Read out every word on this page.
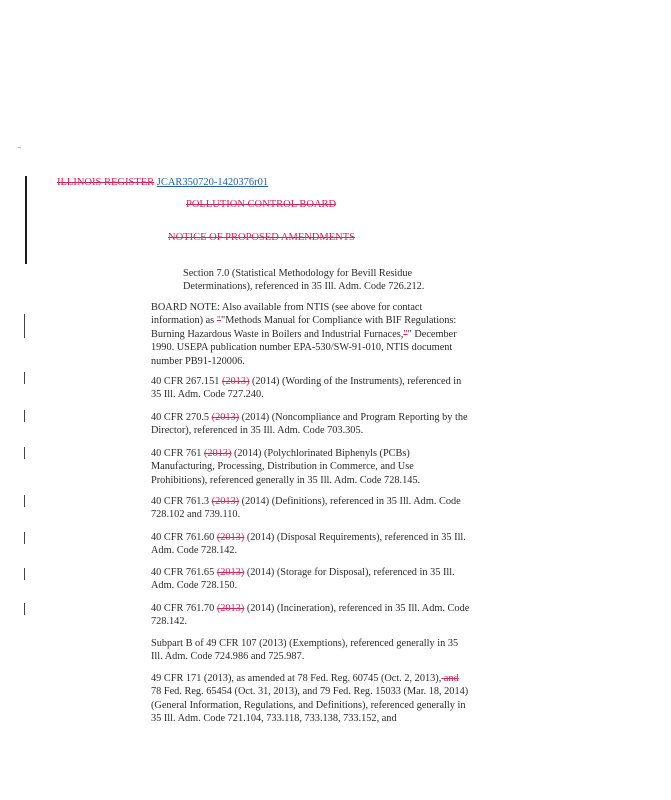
ILLINOIS REGISTER JCAR350720-1420376r01
POLLUTION CONTROL BOARD
NOTICE OF PROPOSED AMENDMENTS
Section 7.0 (Statistical Methodology for Bevill Residue Determinations), referenced in 35 Ill. Adm. Code 726.212.
BOARD NOTE: Also available from NTIS (see above for contact information) as ""Methods Manual for Compliance with BIF Regulations: Burning Hazardous Waste in Boilers and Industrial Furnaces,"" December 1990. USEPA publication number EPA-530/SW-91-010, NTIS document number PB91-120006.
40 CFR 267.151 (2013) (2014) (Wording of the Instruments), referenced in 35 Ill. Adm. Code 727.240.
40 CFR 270.5 (2013) (2014) (Noncompliance and Program Reporting by the Director), referenced in 35 Ill. Adm. Code 703.305.
40 CFR 761 (2013) (2014) (Polychlorinated Biphenyls (PCBs) Manufacturing, Processing, Distribution in Commerce, and Use Prohibitions), referenced generally in 35 Ill. Adm. Code 728.145.
40 CFR 761.3 (2013) (2014) (Definitions), referenced in 35 Ill. Adm. Code 728.102 and 739.110.
40 CFR 761.60 (2013) (2014) (Disposal Requirements), referenced in 35 Ill. Adm. Code 728.142.
40 CFR 761.65 (2013) (2014) (Storage for Disposal), referenced in 35 Ill. Adm. Code 728.150.
40 CFR 761.70 (2013) (2014) (Incineration), referenced in 35 Ill. Adm. Code 728.142.
Subpart B of 49 CFR 107 (2013) (Exemptions), referenced generally in 35 Ill. Adm. Code 724.986 and 725.987.
49 CFR 171 (2013), as amended at 78 Fed. Reg. 60745 (Oct. 2, 2013), and 78 Fed. Reg. 65454 (Oct. 31, 2013), and 79 Fed. Reg. 15033 (Mar. 18, 2014) (General Information, Regulations, and Definitions), referenced generally in 35 Ill. Adm. Code 721.104, 733.118, 733.138, 733.152, and
